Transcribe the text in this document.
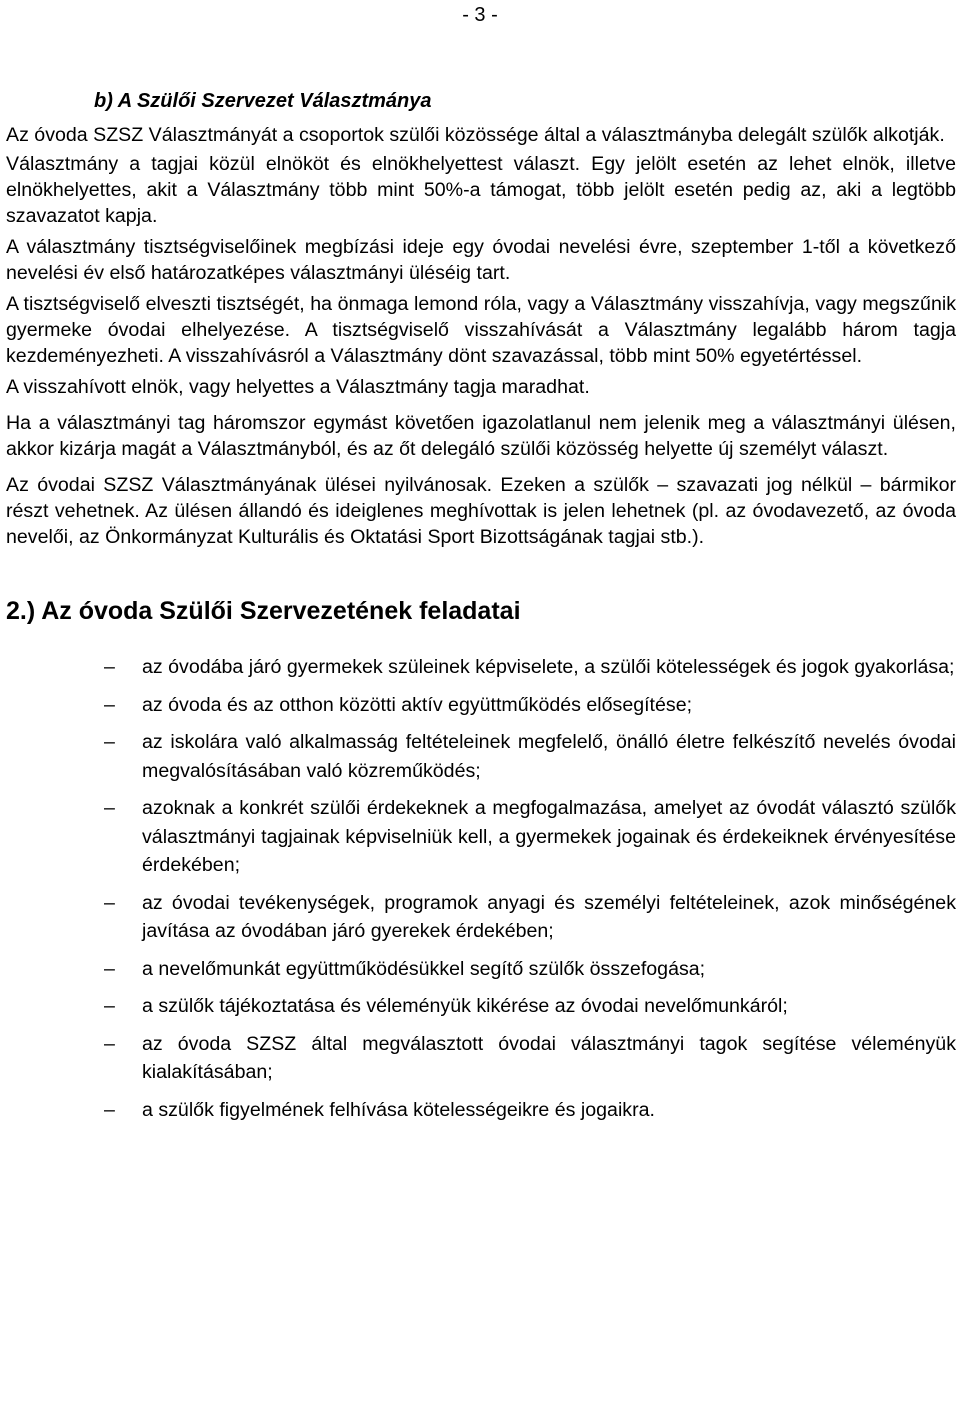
- 3 -
b) A Szülői Szervezet Választmánya

Az óvoda SZSZ Választmányát a csoportok szülői közössége által a választmányba delegált szülők alkotják.

Választmány a tagjai közül elnököt és elnökhelyettest választ. Egy jelölt esetén az lehet elnök, illetve elnökhelyettes, akit a Választmány több mint 50%-a támogat, több jelölt esetén pedig az, aki a legtöbb szavazatot kapja.

A választmány tisztségviselőinek megbízási ideje egy óvodai nevelési évre, szeptember 1-től a következő nevelési év első határozatképes választmányi üléséig tart.

A tisztségviselő elveszti tisztségét, ha önmaga lemond róla, vagy a Választmány visszahívja, vagy megszűnik gyermeke óvodai elhelyezése. A tisztségviselő visszahívását a Választmány legalább három tagja kezdeményezheti. A visszahívásról a Választmány dönt szavazással, több mint 50% egyetértéssel.

A visszahívott elnök, vagy helyettes a Választmány tagja maradhat.

Ha a választmányi tag háromszor egymást követően igazolatlanul nem jelenik meg a választmányi ülésen, akkor kizárja magát a Választmányból, és az őt delegáló szülői közösség helyette új személyt választ.

Az óvodai SZSZ Választmányának ülései nyilvánosak. Ezeken a szülők – szavazati jog nélkül – bármikor részt vehetnek. Az ülésen állandó és ideiglenes meghívottak is jelen lehetnek (pl. az óvodavezető, az óvoda nevelői, az Önkormányzat Kulturális és Oktatási Sport Bizottságának tagjai stb.).

2.) Az óvoda Szülői Szervezetének feladatai
–	az óvodába járó gyermekek szüleinek képviselete, a szülői kötelességek és jogok gyakorlása;
–	az óvoda és az otthon közötti aktív együttműködés elősegítése;
–	az iskolára való alkalmasság feltételeinek megfelelő, önálló életre felkészítő nevelés óvodai megvalósításában való közreműködés;
–	azoknak a konkrét szülői érdekeknek a megfogalmazása, amelyet az óvodát választó szülők választmányi tagjainak képviselniük kell, a gyermekek jogainak és érdekeiknek érvényesítése érdekében;
–	az óvodai tevékenységek, programok anyagi és személyi feltételeinek, azok minőségének javítása az óvodában járó gyerekek érdekében;
–	a nevelőmunkát együttműködésükkel segítő szülők összefogása;
–	a szülők tájékoztatása és véleményük kikérése az óvodai nevelőmunkáról;
–	az óvoda SZSZ által megválasztott óvodai választmányi tagok segítése véleményük kialakításában;
–	a szülők figyelmének felhívása kötelességeikre és jogaikra.
